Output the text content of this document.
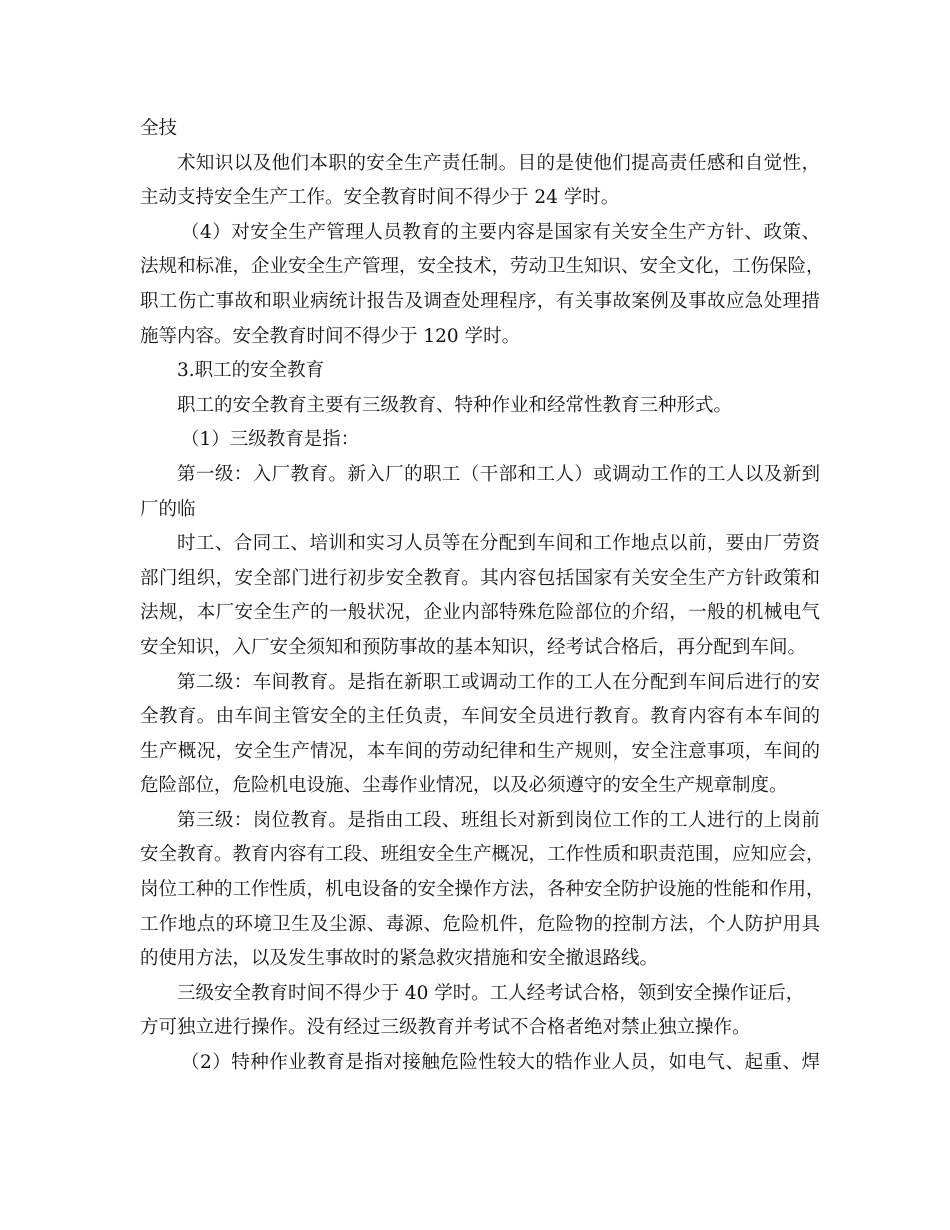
全技
术知识以及他们本职的安全生产责任制。目的是使他们提高责任感和自觉性，
主动支持安全生产工作。安全教育时间不得少于 24 学时。
（4）对安全生产管理人员教育的主要内容是国家有关安全生产方针、政策、
法规和标准，企业安全生产管理，安全技术，劳动卫生知识、安全文化，工伤保险，
职工伤亡事故和职业病统计报告及调查处理程序，有关事故案例及事故应急处理措
施等内容。安全教育时间不得少于 120 学时。
3.职工的安全教育
职工的安全教育主要有三级教育、特种作业和经常性教育三种形式。
（1）三级教育是指：
第一级：入厂教育。新入厂的职工（干部和工人）或调动工作的工人以及新到
厂的临
时工、合同工、培训和实习人员等在分配到车间和工作地点以前，要由厂劳资
部门组织，安全部门进行初步安全教育。其内容包括国家有关安全生产方针政策和
法规，本厂安全生产的一般状况，企业内部特殊危险部位的介绍，一般的机械电气
安全知识，入厂安全须知和预防事故的基本知识，经考试合格后，再分配到车间。
第二级：车间教育。是指在新职工或调动工作的工人在分配到车间后进行的安
全教育。由车间主管安全的主任负责，车间安全员进行教育。教育内容有本车间的
生产概况，安全生产情况，本车间的劳动纪律和生产规则，安全注意事项，车间的
危险部位，危险机电设施、尘毒作业情况，以及必须遵守的安全生产规章制度。
第三级：岗位教育。是指由工段、班组长对新到岗位工作的工人进行的上岗前
安全教育。教育内容有工段、班组安全生产概况，工作性质和职责范围，应知应会，
岗位工种的工作性质，机电设备的安全操作方法，各种安全防护设施的性能和作用，
工作地点的环境卫生及尘源、毒源、危险机件，危险物的控制方法，个人防护用具
的使用方法，以及发生事故时的紧急救灾措施和安全撤退路线。
三级安全教育时间不得少于 40 学时。工人经考试合格，领到安全操作证后，
方可独立进行操作。没有经过三级教育并考试不合格者绝对禁止独立操作。
（2）特种作业教育是指对接触危险性较大的牿作业人员，如电气、起重、焊
